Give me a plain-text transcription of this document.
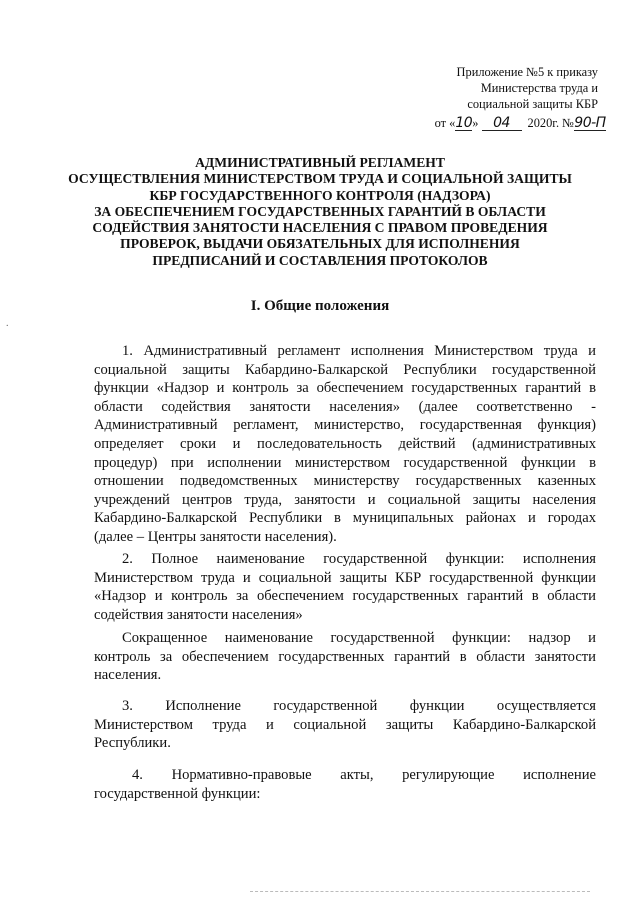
Приложение №5 к приказу
Министерства труда и
социальной защиты КБР
от «10» 04 2020г. №90-П
АДМИНИСТРАТИВНЫЙ РЕГЛАМЕНТ
ОСУЩЕСТВЛЕНИЯ МИНИСТЕРСТВОМ ТРУДА И СОЦИАЛЬНОЙ ЗАЩИТЫ
КБР ГОСУДАРСТВЕННОГО КОНТРОЛЯ (НАДЗОРА)
ЗА ОБЕСПЕЧЕНИЕМ ГОСУДАРСТВЕННЫХ ГАРАНТИЙ В ОБЛАСТИ
СОДЕЙСТВИЯ ЗАНЯТОСТИ НАСЕЛЕНИЯ С ПРАВОМ ПРОВЕДЕНИЯ
ПРОВЕРОК, ВЫДАЧИ ОБЯЗАТЕЛЬНЫХ ДЛЯ ИСПОЛНЕНИЯ
ПРЕДПИСАНИЙ И СОСТАВЛЕНИЯ ПРОТОКОЛОВ
I. Общие положения
.
1. Административный регламент исполнения Министерством труда и
социальной защиты Кабардино-Балкарской Республики государственной
функции «Надзор и контроль за обеспечением государственных гарантий в
области содействия занятости населения» (далее соответственно -
Административный регламент, министерство, государственная функция)
определяет сроки и последовательность действий (административных
процедур) при исполнении министерством государственной функции в
отношении подведомственных министерству государственных казенных
учреждений центров труда, занятости и социальной защиты населения
Кабардино-Балкарской Республики в муниципальных районах и городах
(далее – Центры занятости населения).
2. Полное наименование государственной функции: исполнения
Министерством труда и социальной защиты КБР государственной функции
«Надзор и контроль за обеспечением государственных гарантий в области
содействия занятости населения»
Сокращенное наименование государственной функции: надзор и
контроль за обеспечением государственных гарантий в области занятости
населения.
3. Исполнение государственной функции осуществляется
Министерством труда и социальной защиты Кабардино-Балкарской
Республики.
4. Нормативно-правовые акты, регулирующие исполнение
государственной функции:
